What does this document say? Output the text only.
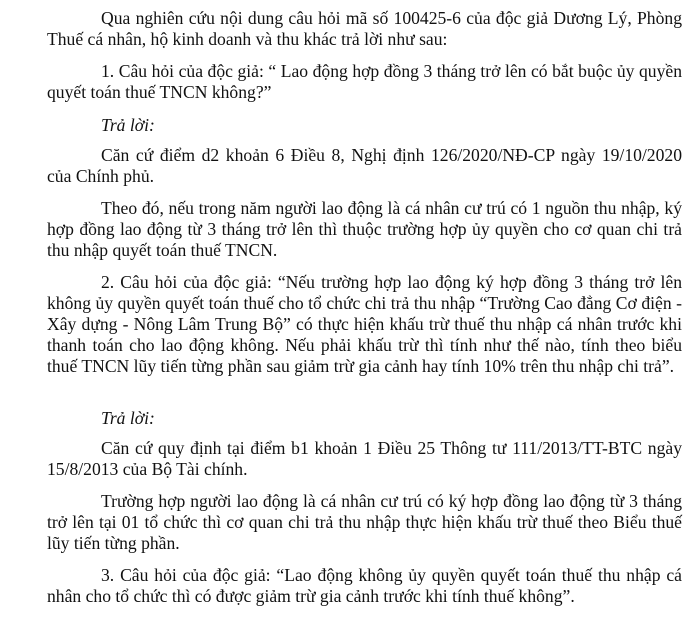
Qua nghiên cứu nội dung câu hỏi mã số 100425-6 của độc giả Dương Lý, Phòng Thuế cá nhân, hộ kinh doanh và thu khác trả lời như sau:

1. Câu hỏi của độc giả: “ Lao động hợp đồng 3 tháng trở lên có bắt buộc ủy quyền quyết toán thuế TNCN không?”

Trả lời:

Căn cứ điểm d2 khoản 6 Điều 8, Nghị định 126/2020/NĐ-CP ngày 19/10/2020 của Chính phủ.

Theo đó, nếu trong năm người lao động là cá nhân cư trú có 1 nguồn thu nhập, ký hợp đồng lao động từ 3 tháng trở lên thì thuộc trường hợp ủy quyền cho cơ quan chi trả thu nhập quyết toán thuế TNCN.

2. Câu hỏi của độc giả: “Nếu trường hợp lao động ký hợp đồng 3 tháng trở lên không ủy quyền quyết toán thuế cho tổ chức chi trả thu nhập “Trường Cao đẳng Cơ điện - Xây dựng - Nông Lâm Trung Bộ” có thực hiện khấu trừ thuế thu nhập cá nhân trước khi thanh toán cho lao động không. Nếu phải khấu trừ thì tính như thế nào, tính theo biểu thuế TNCN lũy tiến từng phần sau giảm trừ gia cảnh hay tính 10% trên thu nhập chi trả”.

Trả lời:

Căn cứ quy định tại điểm b1 khoản 1 Điều 25 Thông tư 111/2013/TT-BTC ngày 15/8/2013 của Bộ Tài chính.

Trường hợp người lao động là cá nhân cư trú có ký hợp đồng lao động từ 3 tháng trở lên tại 01 tổ chức thì cơ quan chi trả thu nhập thực hiện khấu trừ thuế theo Biểu thuế lũy tiến từng phần.

3. Câu hỏi của độc giả: “Lao động không ủy quyền quyết toán thuế thu nhập cá nhân cho tổ chức thì có được giảm trừ gia cảnh trước khi tính thuế không”.
